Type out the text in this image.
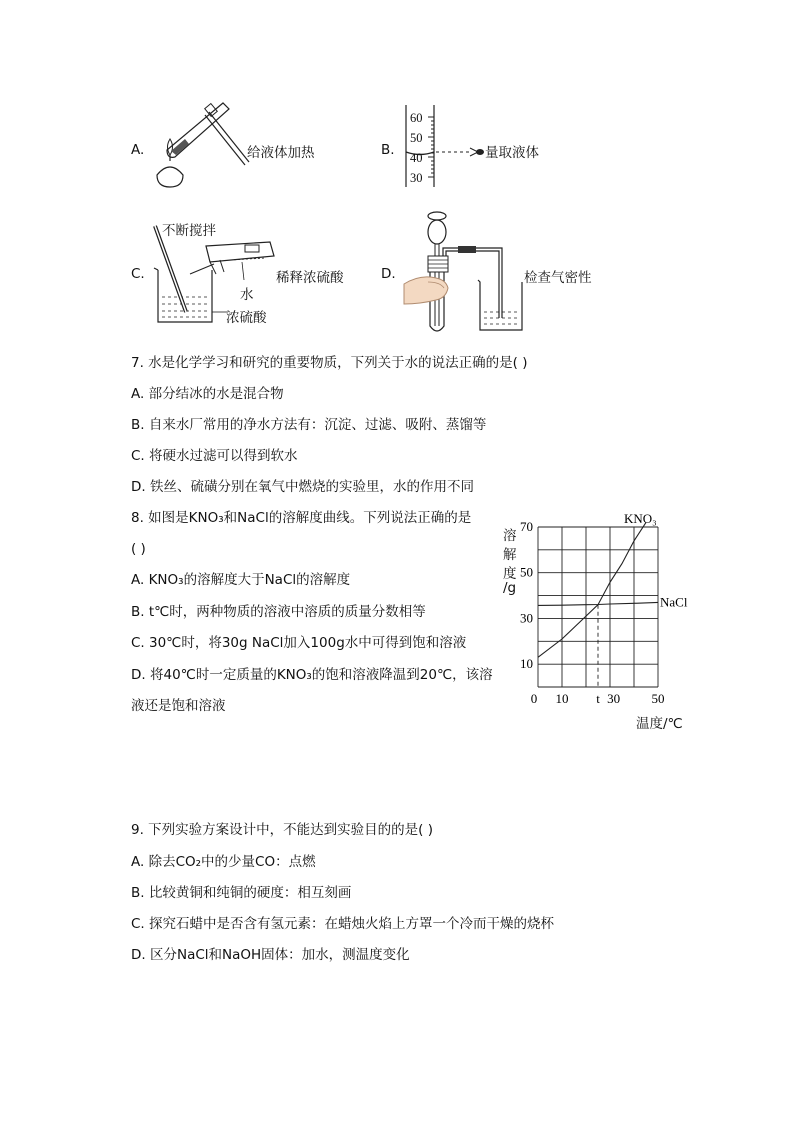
A.	给液体加热	B.
60
50
40
30
量取液体
C.
不断搅拌
稀释浓硫酸
水
浓硫酸
D.	检查气密性
7. 水是化学学习和研究的重要物质，下列关于水的说法正确的是( )
A. 部分结冰的水是混合物
B. 自来水厂常用的净水方法有：沉淀、过滤、吸附、蒸馏等
C. 将硬水过滤可以得到软水
D. 铁丝、硫磺分别在氧气中燃烧的实验里，水的作用不同
8. 如图是KNO₃和NaCl的溶解度曲线。下列说法正确的是
( )
A. KNO₃的溶解度大于NaCl的溶解度
B. t℃时，两种物质的溶液中溶质的质量分数相等
C. 30℃时，将30g NaCl加入100g水中可得到饱和溶液
D. 将40℃时一定质量的KNO₃的饱和溶液降温到20℃，该溶
液还是饱和溶液
溶
解
度
/g
70
50
30
10
0 10 t 30 50
KNO₃
NaCl
温度/℃
9. 下列实验方案设计中，不能达到实验目的的是( )
A. 除去CO₂中的少量CO：点燃
B. 比较黄铜和纯铜的硬度：相互刻画
C. 探究石蜡中是否含有氢元素：在蜡烛火焰上方罩一个冷而干燥的烧杯
D. 区分NaCl和NaOH固体：加水，测温度变化
